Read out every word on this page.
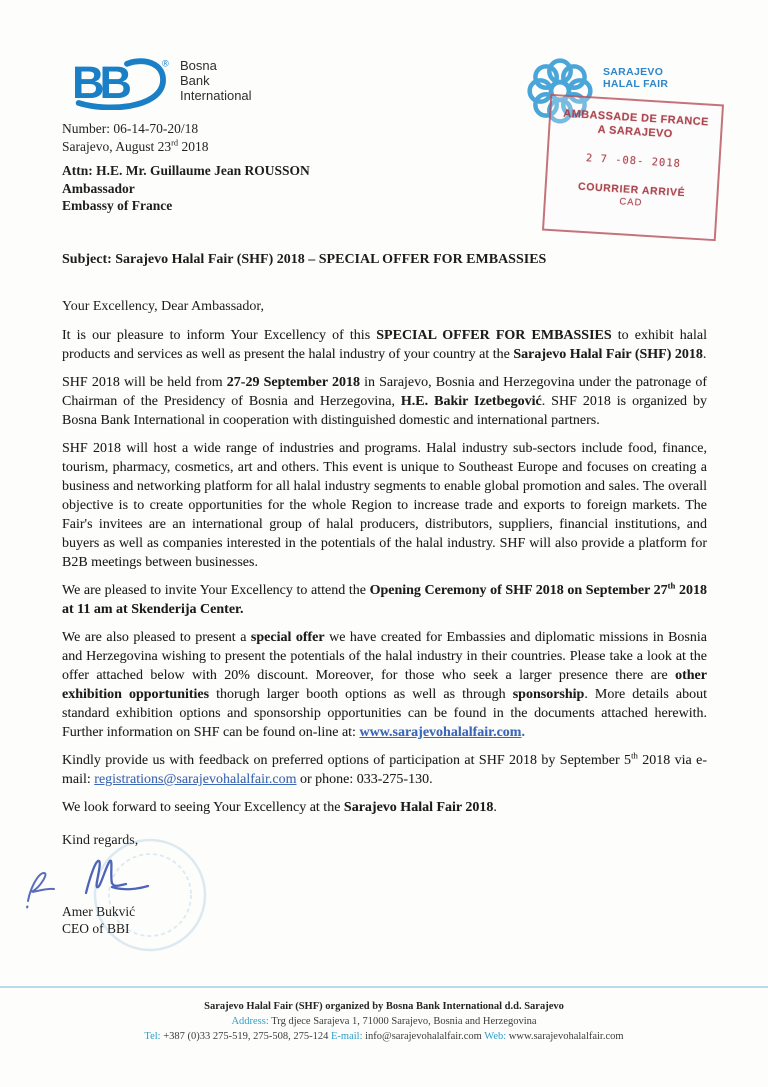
BB	® Bosna
Bank
International
Number: 06-14-70-20/18
Sarajevo, August 23rd 2018
SARAJEVO
HALAL FAIR
AMBASSADE DE FRANCE
A SARAJEVO
2 7 -08- 2018
COURRIER ARRIVÉ
CAD
Attn: H.E. Mr. Guillaume Jean ROUSSON
Ambassador
Embassy of France
Subject: Sarajevo Halal Fair (SHF) 2018 – SPECIAL OFFER FOR EMBASSIES
Your Excellency, Dear Ambassador,

It is our pleasure to inform Your Excellency of this SPECIAL OFFER FOR EMBASSIES to exhibit halal products and services as well as present the halal industry of your country at the Sarajevo Halal Fair (SHF) 2018.

SHF 2018 will be held from 27-29 September 2018 in Sarajevo, Bosnia and Herzegovina under the patronage of Chairman of the Presidency of Bosnia and Herzegovina, H.E. Bakir Izetbegović. SHF 2018 is organized by Bosna Bank International in cooperation with distinguished domestic and international partners.

SHF 2018 will host a wide range of industries and programs. Halal industry sub-sectors include food, finance, tourism, pharmacy, cosmetics, art and others. This event is unique to Southeast Europe and focuses on creating a business and networking platform for all halal industry segments to enable global promotion and sales. The overall objective is to create opportunities for the whole Region to increase trade and exports to foreign markets. The Fair's invitees are an international group of halal producers, distributors, suppliers, financial institutions, and buyers as well as companies interested in the potentials of the halal industry. SHF will also provide a platform for B2B meetings between businesses.

We are pleased to invite Your Excellency to attend the Opening Ceremony of SHF 2018 on September 27th 2018 at 11 am at Skenderija Center.

We are also pleased to present a special offer we have created for Embassies and diplomatic missions in Bosnia and Herzegovina wishing to present the potentials of the halal industry in their countries. Please take a look at the offer attached below with 20% discount. Moreover, for those who seek a larger presence there are other exhibition opportunities thorugh larger booth options as well as through sponsorship. More details about standard exhibition options and sponsorship opportunities can be found in the documents attached herewith. Further information on SHF can be found on-line at: www.sarajevohalalfair.com.

Kindly provide us with feedback on preferred options of participation at SHF 2018 by September 5th 2018 via e-mail: registrations@sarajevohalalfair.com or phone: 033-275-130.

We look forward to seeing Your Excellency at the Sarajevo Halal Fair 2018.

Kind regards,
Amer Bukvić
CEO of BBI
Sarajevo Halal Fair (SHF) organized by Bosna Bank International d.d. Sarajevo
Address: Trg djece Sarajeva 1, 71000 Sarajevo, Bosnia and Herzegovina
Tel: +387 (0)33 275-519, 275-508, 275-124 E-mail: info@sarajevohalalfair.com Web: www.sarajevohalalfair.com
